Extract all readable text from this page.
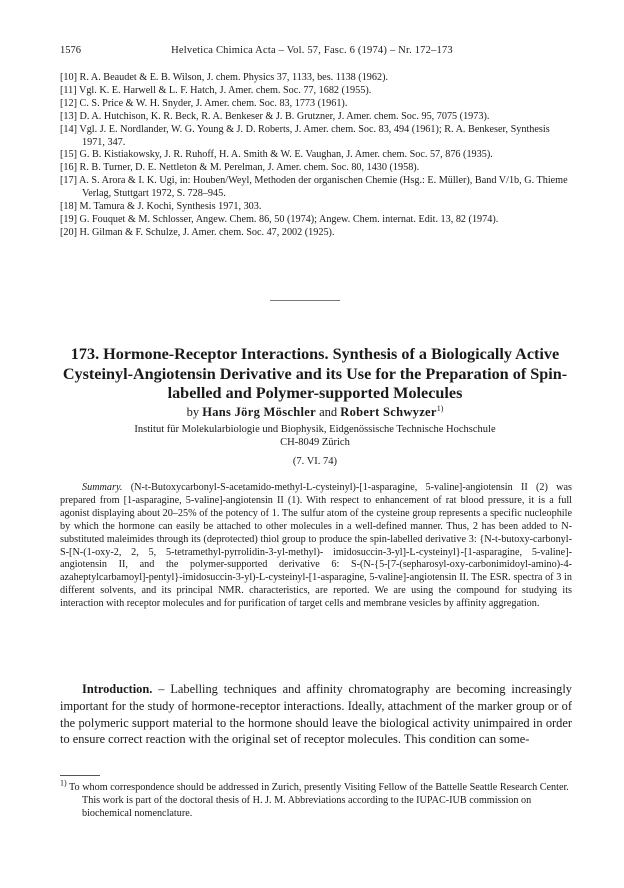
1576	Helvetica Chimica Acta – Vol. 57, Fasc. 6 (1974) – Nr. 172–173
[10] R. A. Beaudet & E. B. Wilson, J. chem. Physics 37, 1133, bes. 1138 (1962).
[11] Vgl. K. E. Harwell & L. F. Hatch, J. Amer. chem. Soc. 77, 1682 (1955).
[12] C. S. Price & W. H. Snyder, J. Amer. chem. Soc. 83, 1773 (1961).
[13] D. A. Hutchison, K. R. Beck, R. A. Benkeser & J. B. Grutzner, J. Amer. chem. Soc. 95, 7075 (1973).
[14] Vgl. J. E. Nordlander, W. G. Young & J. D. Roberts, J. Amer. chem. Soc. 83, 494 (1961); R. A. Benkeser, Synthesis 1971, 347.
[15] G. B. Kistiakowsky, J. R. Ruhoff, H. A. Smith & W. E. Vaughan, J. Amer. chem. Soc. 57, 876 (1935).
[16] R. B. Turner, D. E. Nettleton & M. Perelman, J. Amer. chem. Soc. 80, 1430 (1958).
[17] A. S. Arora & I. K. Ugi, in: Houben/Weyl, Methoden der organischen Chemie (Hsg.: E. Müller), Band V/1b, G. Thieme Verlag, Stuttgart 1972, S. 728–945.
[18] M. Tamura & J. Kochi, Synthesis 1971, 303.
[19] G. Fouquet & M. Schlosser, Angew. Chem. 86, 50 (1974); Angew. Chem. internat. Edit. 13, 82 (1974).
[20] H. Gilman & F. Schulze, J. Amer. chem. Soc. 47, 2002 (1925).
173. Hormone-Receptor Interactions. Synthesis of a Biologically Active Cysteinyl-Angiotensin Derivative and its Use for the Preparation of Spin-labelled and Polymer-supported Molecules
by Hans Jörg Möschler and Robert Schwyzer$^{1)}$
Institut für Molekularbiologie und Biophysik, Eidgenössische Technische Hochschule
CH-8049 Zürich
(7. VI. 74)
Summary. (N-t-Butoxycarbonyl-S-acetamido-methyl-L-cysteinyl)-[1-asparagine, 5-valine]-angiotensin II (2) was prepared from [1-asparagine, 5-valine]-angiotensin II (1). With respect to enhancement of rat blood pressure, it is a full agonist displaying about 20–25% of the potency of 1. The sulfur atom of the cysteine group represents a specific nucleophile by which the hormone can easily be attached to other molecules in a well-defined manner. Thus, 2 has been added to N-substituted maleimides through its (deprotected) thiol group to produce the spin-labelled derivative 3: {N-t-butoxy-carbonyl-S-[N-(1-oxy-2, 2, 5, 5-tetramethyl-pyrrolidin-3-yl-methyl)- imidosuccin-3-yl]-L-cysteinyl}-[1-asparagine, 5-valine]-angiotensin II, and the polymer-supported derivative 6: S-(N-{5-[7-(sepharosyl-oxy-carbonimidoyl-amino)-4-azaheptylcarbamoyl]-pentyl}-imidosuccin-3-yl)-L-cysteinyl-[1-asparagine, 5-valine]-angiotensin II. The ESR. spectra of 3 in different solvents, and its principal NMR. characteristics, are reported. We are using the compound for studying its interaction with receptor molecules and for purification of target cells and membrane vesicles by affinity aggregation.
Introduction. – Labelling techniques and affinity chromatography are becoming increasingly important for the study of hormone-receptor interactions. Ideally, attachment of the marker group or of the polymeric support material to the hormone should leave the biological activity unimpaired in order to ensure correct reaction with the original set of receptor molecules. This condition can some-
$^{1)}$ To whom correspondence should be addressed in Zurich, presently Visiting Fellow of the Battelle Seattle Research Center. This work is part of the doctoral thesis of H. J. M. Abbreviations according to the IUPAC-IUB commission on biochemical nomenclature.
